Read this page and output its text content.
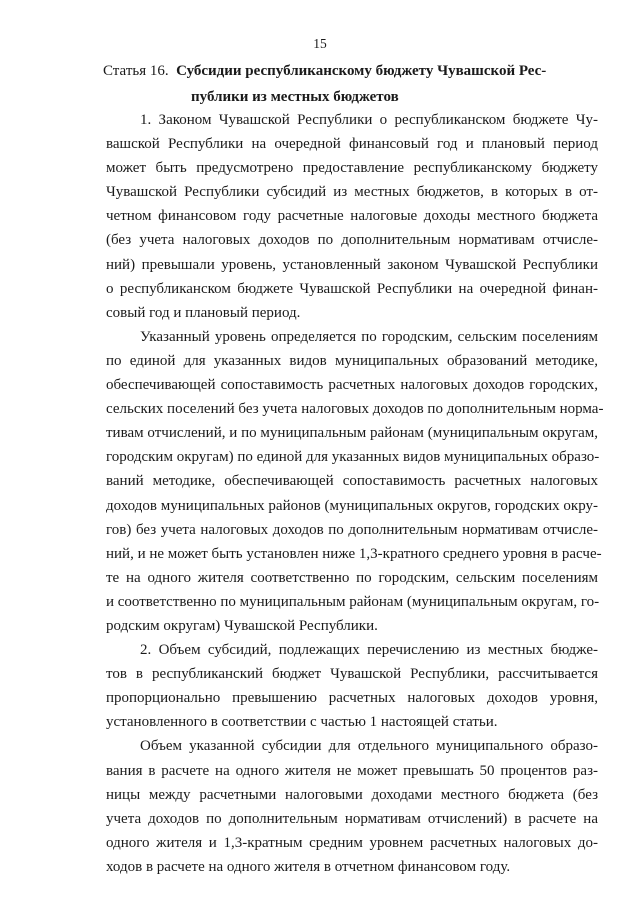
15
Статья 16. Субсидии республиканскому бюджету Чувашской Рес-
публики из местных бюджетов
1. Законом Чувашской Республики о республиканском бюджете Чу-
вашской Республики на очередной финансовый год и плановый период
может быть предусмотрено предоставление республиканскому бюджету
Чувашской Республики субсидий из местных бюджетов, в которых в от-
четном финансовом году расчетные налоговые доходы местного бюджета
(без учета налоговых доходов по дополнительным нормативам отчисле-
ний) превышали уровень, установленный законом Чувашской Республики
о республиканском бюджете Чувашской Республики на очередной финан-
совый год и плановый период.
Указанный уровень определяется по городским, сельским поселениям
по единой для указанных видов муниципальных образований методике,
обеспечивающей сопоставимость расчетных налоговых доходов городских,
сельских поселений без учета налоговых доходов по дополнительным норма-
тивам отчислений, и по муниципальным районам (муниципальным округам,
городским округам) по единой для указанных видов муниципальных образо-
ваний методике, обеспечивающей сопоставимость расчетных налоговых
доходов муниципальных районов (муниципальных округов, городских окру-
гов) без учета налоговых доходов по дополнительным нормативам отчисле-
ний, и не может быть установлен ниже 1,3-кратного среднего уровня в расче-
те на одного жителя соответственно по городским, сельским поселениям
и соответственно по муниципальным районам (муниципальным округам, го-
родским округам) Чувашской Республики.
2. Объем субсидий, подлежащих перечислению из местных бюдже-
тов в республиканский бюджет Чувашской Республики, рассчитывается
пропорционально превышению расчетных налоговых доходов уровня,
установленного в соответствии с частью 1 настоящей статьи.
Объем указанной субсидии для отдельного муниципального образо-
вания в расчете на одного жителя не может превышать 50 процентов раз-
ницы между расчетными налоговыми доходами местного бюджета (без
учета доходов по дополнительным нормативам отчислений) в расчете на
одного жителя и 1,3-кратным средним уровнем расчетных налоговых до-
ходов в расчете на одного жителя в отчетном финансовом году.
